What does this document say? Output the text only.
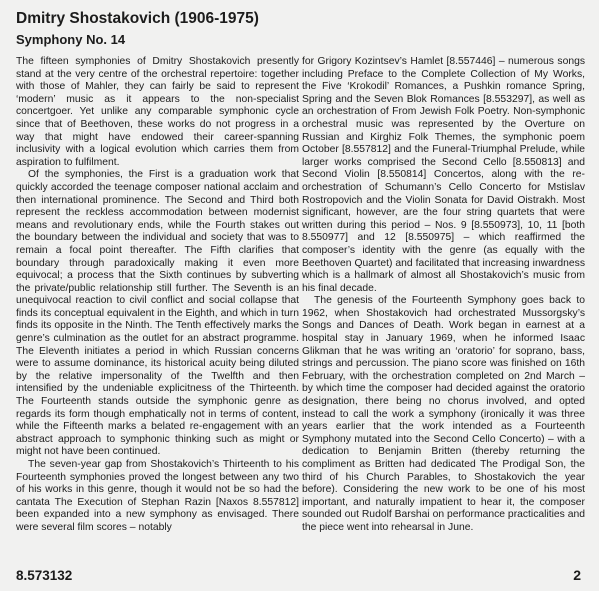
Dmitry Shostakovich (1906-1975)
Symphony No. 14

The fifteen symphonies of Dmitry Shostakovich presently stand at the very centre of the orchestral repertoire: together with those of Mahler, they can fairly be said to represent ‘modern’ music as it appears to the non-specialist concertgoer. Yet unlike any comparable symphonic cycle since that of Beethoven, these works do not progress in a way that might have endowed their career-spanning inclusivity with a logical evolution which carries them from aspiration to fulfilment.

Of the symphonies, the First is a graduation work that quickly accorded the teenage composer national acclaim and then international prominence. The Second and Third both represent the reckless accommodation between modernist means and revolutionary ends, while the Fourth stakes out the boundary between the individual and society that was to remain a focal point thereafter. The Fifth clarifies that boundary through paradoxically making it even more equivocal; a process that the Sixth continues by subverting the private/public relationship still further. The Seventh is an unequivocal reaction to civil conflict and social collapse that finds its conceptual equivalent in the Eighth, and which in turn finds its opposite in the Ninth. The Tenth effectively marks the genre’s culmination as the outlet for an abstract programme. The Eleventh initiates a period in which Russian concerns were to assume dominance, its historical acuity being diluted by the relative impersonality of the Twelfth and then intensified by the undeniable explicitness of the Thirteenth. The Fourteenth stands outside the symphonic genre as regards its form though emphatically not in terms of content, while the Fifteenth marks a belated re-engagement with an abstract approach to symphonic thinking such as might or might not have been continued.

The seven-year gap from Shostakovich’s Thirteenth to his Fourteenth symphonies proved the longest between any two of his works in this genre, though it would not be so had the cantata The Execution of Stephan Razin [Naxos 8.557812] been expanded into a new symphony as envisaged. There were several film scores – notably

for Grigory Kozintsev’s Hamlet [8.557446] – numerous songs including Preface to the Complete Collection of My Works, the Five ‘Krokodil’ Romances, a Pushkin romance Spring, Spring and the Seven Blok Romances [8.553297], as well as an orchestration of From Jewish Folk Poetry. Non-symphonic orchestral music was represented by the Overture on Russian and Kirghiz Folk Themes, the symphonic poem October [8.557812] and the Funeral-Triumphal Prelude, while larger works comprised the Second Cello [8.550813] and Second Violin [8.550814] Concertos, along with the re-orchestration of Schumann’s Cello Concerto for Mstislav Rostropovich and the Violin Sonata for David Oistrakh. Most significant, however, are the four string quartets that were written during this period – Nos. 9 [8.550973], 10, 11 [both 8.550977] and 12 [8.550975] – which reaffirmed the composer’s identity with the genre (as equally with the Beethoven Quartet) and facilitated that increasing inwardness which is a hallmark of almost all Shostakovich’s music from his final decade.

The genesis of the Fourteenth Symphony goes back to 1962, when Shostakovich had orchestrated Mussorgsky’s Songs and Dances of Death. Work began in earnest at a hospital stay in January 1969, when he informed Isaac Glikman that he was writing an ‘oratorio’ for soprano, bass, strings and percussion. The piano score was finished on 16th February, with the orchestration completed on 2nd March – by which time the composer had decided against the oratorio designation, there being no chorus involved, and opted instead to call the work a symphony (ironically it was three years earlier that the work intended as a Fourteenth Symphony mutated into the Second Cello Concerto) – with a dedication to Benjamin Britten (thereby returning the compliment as Britten had dedicated The Prodigal Son, the third of his Church Parables, to Shostakovich the year before). Considering the new work to be one of his most important, and naturally impatient to hear it, the composer sounded out Rudolf Barshai on performance practicalities and the piece went into rehearsal in June.

8.573132	2
